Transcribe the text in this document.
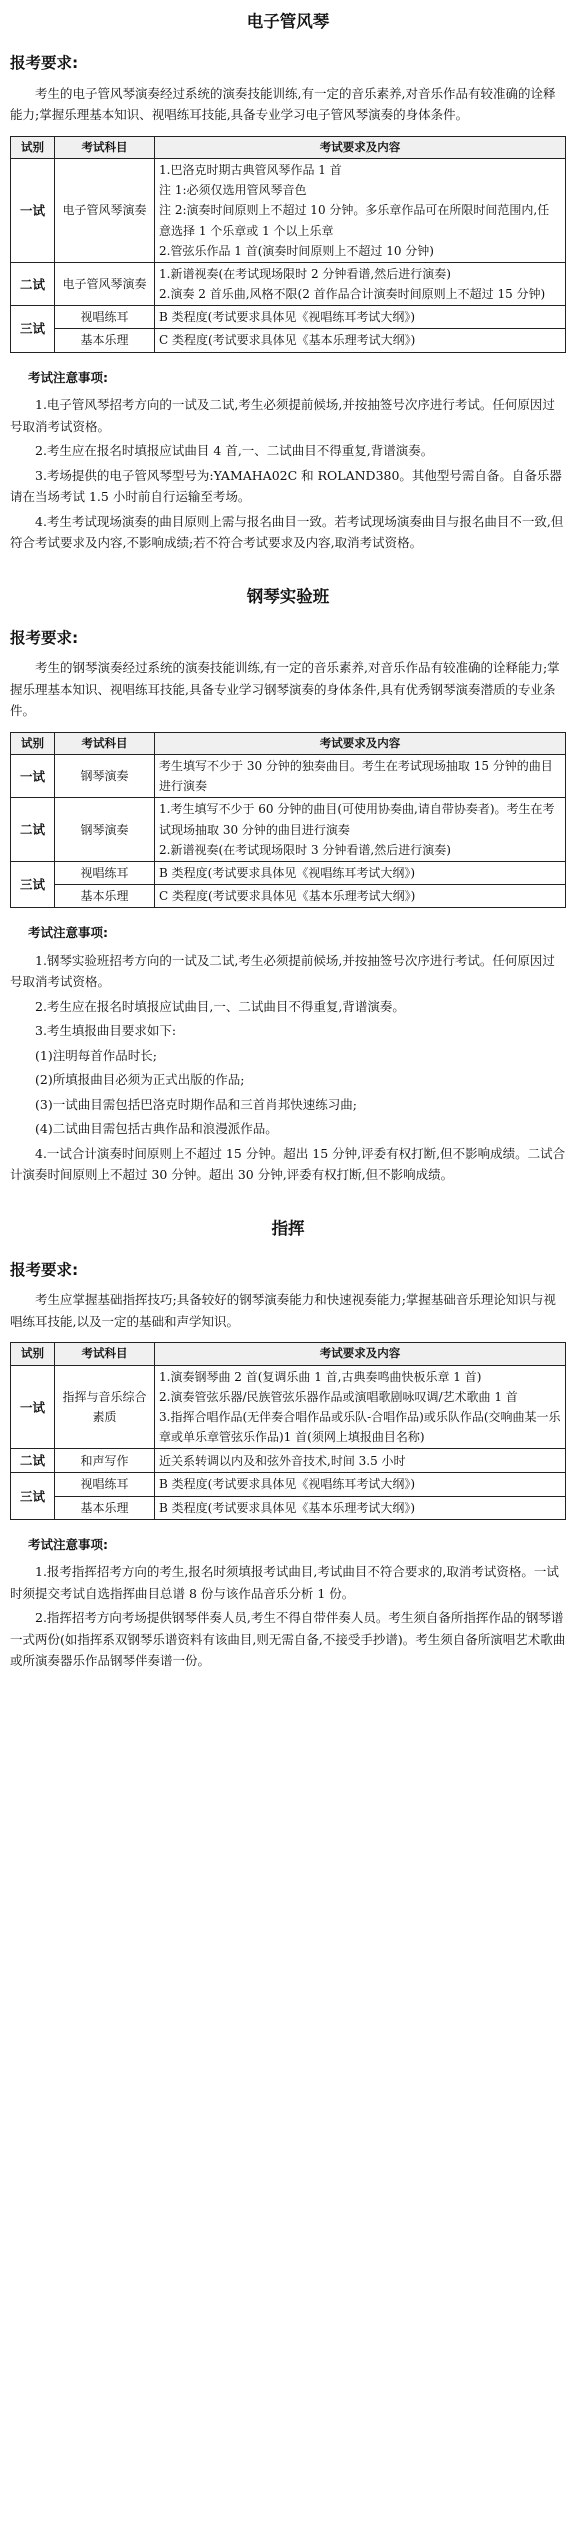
电子管风琴
报考要求:

考生的电子管风琴演奏经过系统的演奏技能训练,有一定的音乐素养,对音乐作品有较准确的诠释能力;掌握乐理基本知识、视唱练耳技能,具备专业学习电子管风琴演奏的身体条件。

试别	考试科目	考试要求及内容
一试	电子管风琴演奏	1.巴洛克时期古典管风琴作品 1 首
注 1:必须仅选用管风琴音色
注 2:演奏时间原则上不超过 10 分钟。多乐章作品可在所限时间范围内,任意选择 1 个乐章或 1 个以上乐章
2.管弦乐作品 1 首(演奏时间原则上不超过 10 分钟)

二试	电子管风琴演奏	1.新谱视奏(在考试现场限时 2 分钟看谱,然后进行演奏)
2.演奏 2 首乐曲,风格不限(2 首作品合计演奏时间原则上不超过 15 分钟)

三试	视唱练耳	B 类程度(考试要求具体见《视唱练耳考试大纲》)

	基本乐理	C 类程度(考试要求具体见《基本乐理考试大纲》)
考试注意事项:

1.电子管风琴招考方向的一试及二试,考生必须提前候场,并按抽签号次序进行考试。任何原因过号取消考试资格。

2.考生应在报名时填报应试曲目 4 首,一、二试曲目不得重复,背谱演奏。

3.考场提供的电子管风琴型号为:YAMAHA02C 和 ROLAND380。其他型号需自备。自备乐器请在当场考试 1.5 小时前自行运输至考场。

4.考生考试现场演奏的曲目原则上需与报名曲目一致。若考试现场演奏曲目与报名曲目不一致,但符合考试要求及内容,不影响成绩;若不符合考试要求及内容,取消考试资格。

钢琴实验班
报考要求:

考生的钢琴演奏经过系统的演奏技能训练,有一定的音乐素养,对音乐作品有较准确的诠释能力;掌握乐理基本知识、视唱练耳技能,具备专业学习钢琴演奏的身体条件,具有优秀钢琴演奏潜质的专业条件。

试别	考试科目	考试要求及内容
一试	钢琴演奏	考生填写不少于 30 分钟的独奏曲目。考生在考试现场抽取 15 分钟的曲目进行演奏

二试	钢琴演奏	1.考生填写不少于 60 分钟的曲目(可使用协奏曲,请自带协奏者)。考生在考试现场抽取 30 分钟的曲目进行演奏
2.新谱视奏(在考试现场限时 3 分钟看谱,然后进行演奏)

三试	视唱练耳	B 类程度(考试要求具体见《视唱练耳考试大纲》)

	基本乐理	C 类程度(考试要求具体见《基本乐理考试大纲》)
考试注意事项:

1.钢琴实验班招考方向的一试及二试,考生必须提前候场,并按抽签号次序进行考试。任何原因过号取消考试资格。

2.考生应在报名时填报应试曲目,一、二试曲目不得重复,背谱演奏。

3.考生填报曲目要求如下:

(1)注明每首作品时长;

(2)所填报曲目必须为正式出版的作品;

(3)一试曲目需包括巴洛克时期作品和三首肖邦快速练习曲;

(4)二试曲目需包括古典作品和浪漫派作品。

4.一试合计演奏时间原则上不超过 15 分钟。超出 15 分钟,评委有权打断,但不影响成绩。二试合计演奏时间原则上不超过 30 分钟。超出 30 分钟,评委有权打断,但不影响成绩。

指挥
报考要求:

考生应掌握基础指挥技巧;具备较好的钢琴演奏能力和快速视奏能力;掌握基础音乐理论知识与视唱练耳技能,以及一定的基础和声学知识。

试别	考试科目	考试要求及内容
一试	指挥与音乐综合素质	1.演奏钢琴曲 2 首(复调乐曲 1 首,古典奏鸣曲快板乐章 1 首)
2.演奏管弦乐器/民族管弦乐器作品或演唱歌剧咏叹调/艺术歌曲 1 首
3.指挥合唱作品(无伴奏合唱作品或乐队-合唱作品)或乐队作品(交响曲某一乐章或单乐章管弦乐作品)1 首(须网上填报曲目名称)

二试	和声写作	近关系转调以内及和弦外音技术,时间 3.5 小时

三试	视唱练耳	B 类程度(考试要求具体见《视唱练耳考试大纲》)

	基本乐理	B 类程度(考试要求具体见《基本乐理考试大纲》)
考试注意事项:

1.报考指挥招考方向的考生,报名时须填报考试曲目,考试曲目不符合要求的,取消考试资格。一试时须提交考试自选指挥曲目总谱 8 份与该作品音乐分析 1 份。

2.指挥招考方向考场提供钢琴伴奏人员,考生不得自带伴奏人员。考生须自备所指挥作品的钢琴谱一式两份(如指挥系双钢琴乐谱资料有该曲目,则无需自备,不接受手抄谱)。考生须自备所演唱艺术歌曲或所演奏器乐作品钢琴伴奏谱一份。
